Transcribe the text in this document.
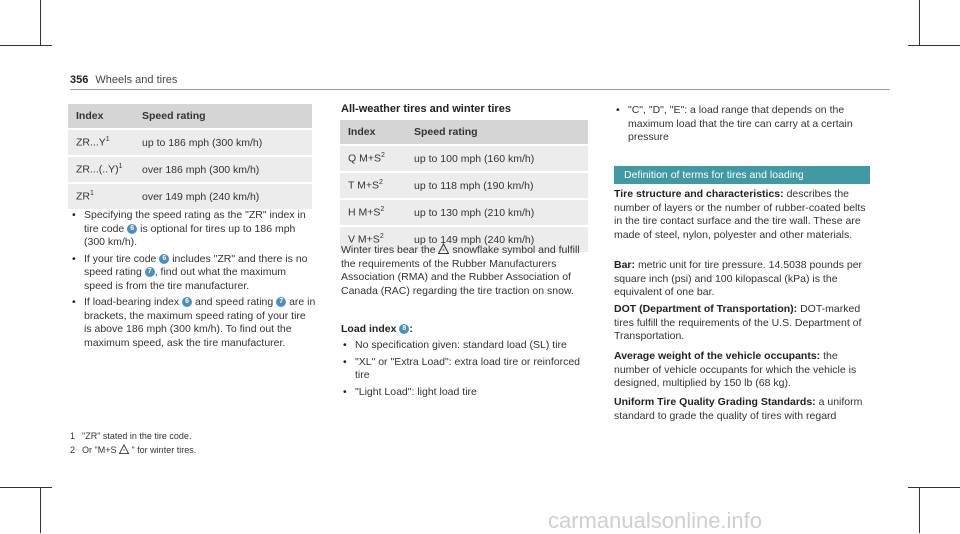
356 Wheels and tires
Index	Speed rating
$ZR...Y^1$	up to 186 mph (300 km/h)
$ZR...(..Y)^1$	over 186 mph (300 km/h)
$ZR^1$	over 149 mph (240 km/h)
• Specifying the speed rating as the "ZR" index in tire code 6 is optional for tires up to 186 mph (300 km/h).
• If your tire code 6 includes "ZR" and there is no speed rating 7 , find out what the maximum speed is from the tire manufacturer.
• If load-bearing index 6 and speed rating 7 are in brackets, the maximum speed rating of your tire is above 186 mph (300 km/h). To find out the maximum speed, ask the tire manufacturer.
All-weather tires and winter tires
Index	Speed rating
Q $M+S^2$	up to 100 mph (160 km/h)
T $M+S^2$	up to 118 mph (190 km/h)
H $M+S^2$	up to 130 mph (210 km/h)
V $M+S^2$	up to 149 mph (240 km/h)
Winter tires bear the * snowflake symbol and fulfill the requirements of the Rubber Manufacturers Association (RMA) and the Rubber Association of Canada (RAC) regarding the tire traction on snow.
Load index 8 :
• No specification given: standard load (SL) tire
• "XL" or "Extra Load": extra load tire or reinforced tire
• "Light Load": light load tire
• "C", "D", "E": a load range that depends on the maximum load that the tire can carry at a certain pressure
Definition of terms for tires and loading
Tire structure and characteristics: describes the number of layers or the number of rubber-coated belts in the tire contact surface and the tire wall. These are made of steel, nylon, polyester and other materials.
Bar: metric unit for tire pressure. 14.5038 pounds per square inch (psi) and 100 kilopascal (kPa) is the equivalent of one bar.
DOT (Department of Transportation): DOT-marked tires fulfill the requirements of the U.S. Department of Transportation.
Average weight of the vehicle occupants: the number of vehicle occupants for which the vehicle is designed, multiplied by 150 lb (68 kg).
Uniform Tire Quality Grading Standards: a uniform standard to grade the quality of tires with regard
1 "ZR" stated in the tire code.
2 Or "M+S * " for winter tires.
carmanualsonline.info
